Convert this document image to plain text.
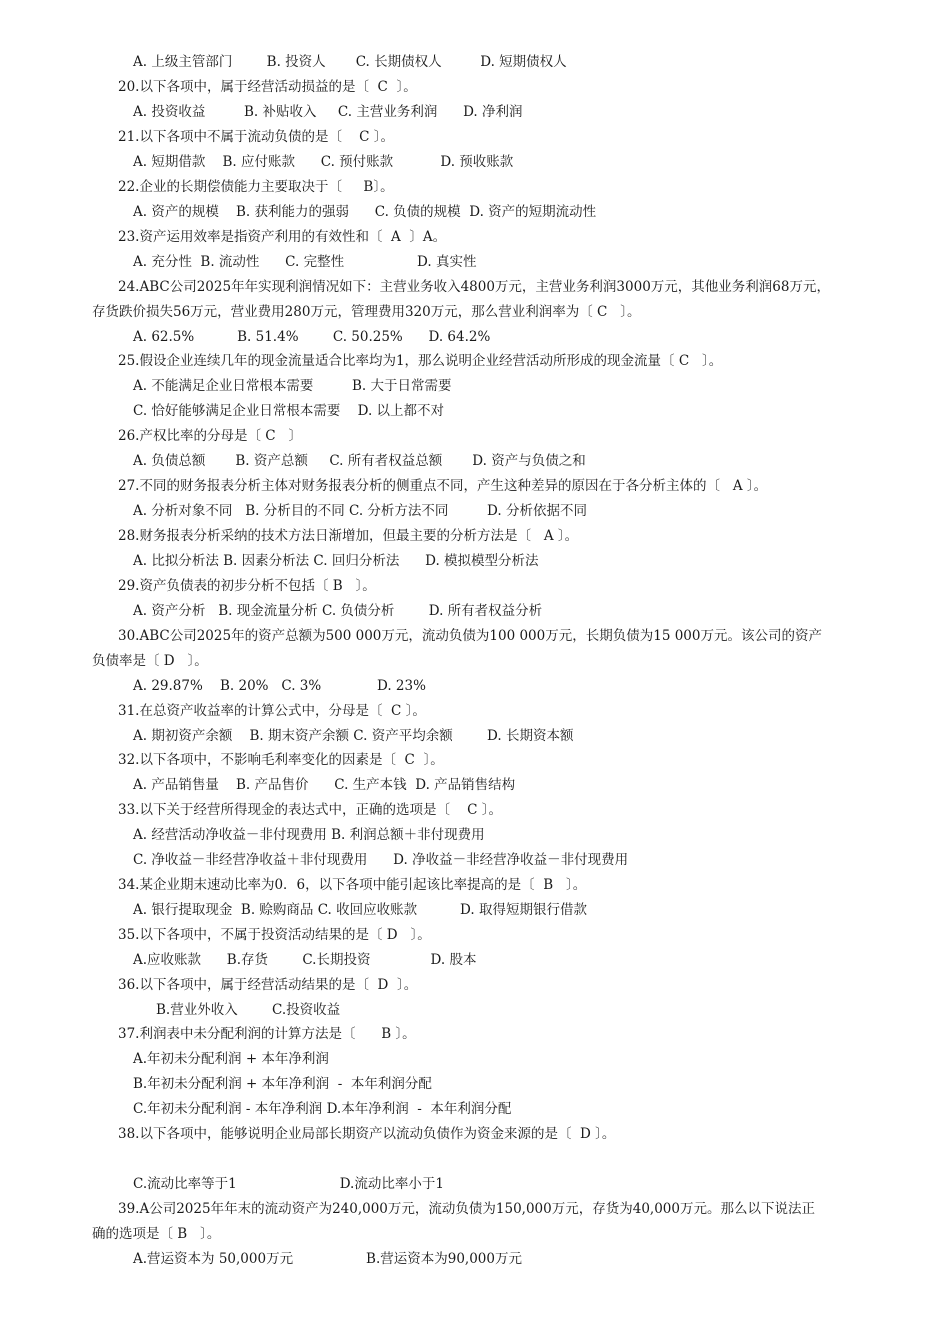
A. 上级主管部门        B. 投资人       C. 长期债权人         D. 短期债权人
20.以下各项中，属于经营活动损益的是〔  C  〕。
A. 投资收益         B. 补贴收入     C. 主营业务利润      D. 净利润
21.以下各项中不属于流动负债的是〔    C 〕。
A. 短期借款    B. 应付账款      C. 预付账款           D. 预收账款
22.企业的长期偿债能力主要取决于〔     B〕。
A. 资产的规模    B. 获利能力的强弱      C. 负债的规模  D. 资产的短期流动性
23.资产运用效率是指资产利用的有效性和〔  A  〕A。
A. 充分性  B. 流动性      C. 完整性                 D. 真实性
24.ABC公司2025年年实现利润情况如下：主营业务收入4800万元，主营业务利润3000万元，其他业务利润68万元，
存货跌价损失56万元，营业费用280万元，管理费用320万元，那么营业利润率为〔 C   〕。
A. 62.5%          B. 51.4%        C. 50.25%      D. 64.2%
25.假设企业连续几年的现金流量适合比率均为1，那么说明企业经营活动所形成的现金流量〔 C   〕。
A. 不能满足企业日常根本需要         B. 大于日常需要
C. 恰好能够满足企业日常根本需要    D. 以上都不对
26.产权比率的分母是〔 C   〕
A. 负债总额       B. 资产总额     C. 所有者权益总额       D. 资产与负债之和
27.不同的财务报表分析主体对财务报表分析的侧重点不同，产生这种差异的原因在于各分析主体的〔   A 〕。
A. 分析对象不同   B. 分析目的不同 C. 分析方法不同         D. 分析依据不同
28.财务报表分析采纳的技术方法日渐增加，但最主要的分析方法是〔   A 〕。
A. 比拟分析法 B. 因素分析法 C. 回归分析法      D. 模拟模型分析法
29.资产负债表的初步分析不包括〔 B   〕。
A. 资产分析   B. 现金流量分析 C. 负债分析        D. 所有者权益分析
30.ABC公司2025年的资产总额为500 000万元，流动负债为100 000万元，长期负债为15 000万元。该公司的资产
负债率是〔 D   〕。
A. 29.87%    B. 20%   C. 3%             D. 23%
31.在总资产收益率的计算公式中，分母是〔  C 〕。
A. 期初资产余额    B. 期末资产余额 C. 资产平均余额        D. 长期资本额
32.以下各项中，不影响毛利率变化的因素是〔  C  〕。
A. 产品销售量    B. 产品售价      C. 生产本钱  D. 产品销售结构
33.以下关于经营所得现金的表达式中，正确的选项是〔    C 〕。
A. 经营活动净收益－非付现费用 B. 利润总额＋非付现费用
C. 净收益－非经营净收益＋非付现费用      D. 净收益－非经营净收益－非付现费用
34.某企业期末速动比率为0．6，以下各项中能引起该比率提高的是〔  B   〕。
A. 银行提取现金  B. 赊购商品 C. 收回应收账款          D. 取得短期银行借款
35.以下各项中，不属于投资活动结果的是〔 D   〕。
A.应收账款      B.存货        C.长期投资              D. 股本
36.以下各项中，属于经营活动结果的是〔  D  〕。
B.营业外收入        C.投资收益
37.利润表中未分配利润的计算方法是〔      B 〕。
A.年初未分配利润 + 本年净利润
B.年初未分配利润 + 本年净利润  -  本年利润分配
C.年初未分配利润 - 本年净利润 D.本年净利润  -  本年利润分配
38.以下各项中，能够说明企业局部长期资产以流动负债作为资金来源的是〔  D 〕。
C.流动比率等于1                        D.流动比率小于1
39.A公司2025年年末的流动资产为240,000万元，流动负债为150,000万元，存货为40,000万元。那么以下说法正
确的选项是〔 B   〕。
A.营运资本为 50,000万元                 B.营运资本为90,000万元
